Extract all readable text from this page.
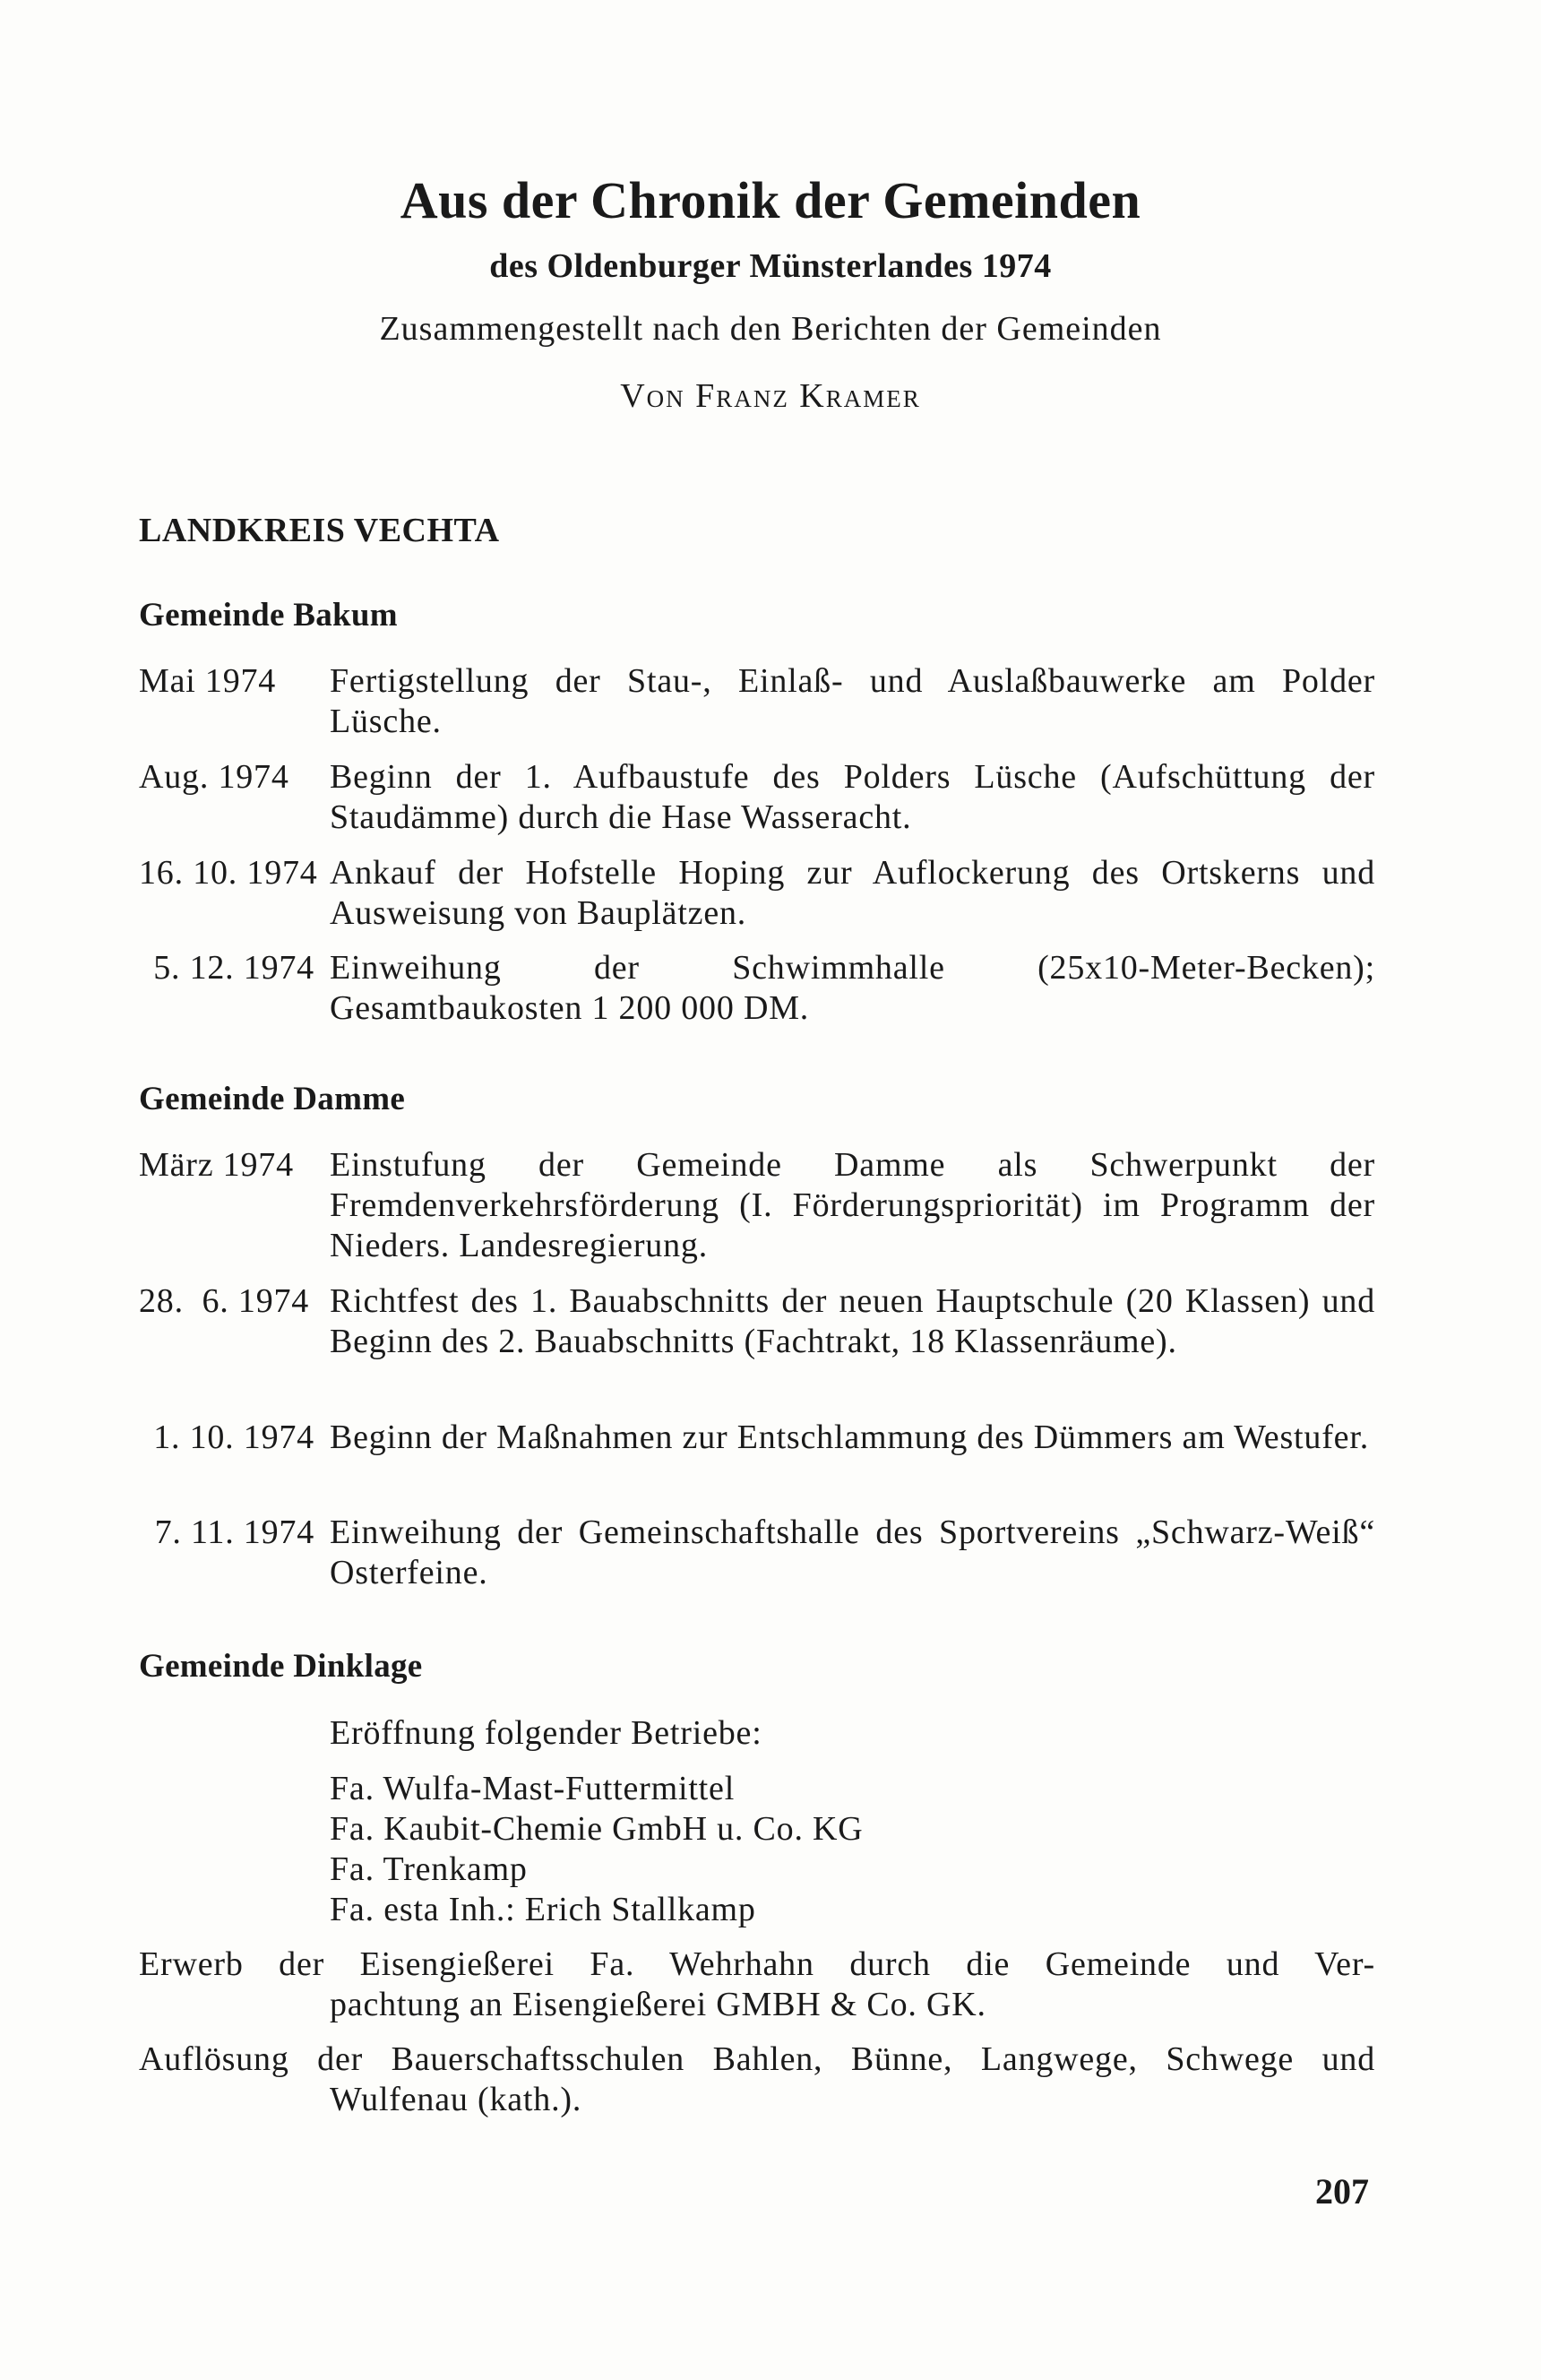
Aus der Chronik der Gemeinden
des Oldenburger Münsterlandes 1974
Zusammengestellt nach den Berichten der Gemeinden
Von Franz Kramer
LANDKREIS VECHTA
Gemeinde Bakum
Mai 1974	Fertigstellung der Stau-, Einlaß- und Auslaßbauwerke am Polder Lüsche.
Aug. 1974	Beginn der 1. Aufbaustufe des Polders Lüsche (Aufschüttung der Staudämme) durch die Hase Wasseracht.
16. 10. 1974 Ankauf der Hofstelle Hoping zur Auflockerung des Ortskerns und Ausweisung von Bauplätzen.
5. 12. 1974 Einweihung der Schwimmhalle (25x10-Meter-Becken); Gesamtbaukosten 1 200 000 DM.
Gemeinde Damme
März 1974	Einstufung der Gemeinde Damme als Schwerpunkt der Fremdenverkehrsförderung (I. Förderungspriorität) im Programm der Nieders. Landesregierung.
28.  6. 1974 Richtfest des 1. Bauabschnitts der neuen Hauptschule (20 Klassen) und Beginn des 2. Bauabschnitts (Fachtrakt, 18 Klassenräume).
1. 10. 1974 Beginn der Maßnahmen zur Entschlammung des Dümmers am Westufer.
7. 11. 1974 Einweihung der Gemeinschaftshalle des Sportvereins „Schwarz-Weiß“ Osterfeine.
Gemeinde Dinklage
Eröffnung folgender Betriebe:
Fa. Wulfa-Mast-Futtermittel
Fa. Kaubit-Chemie GmbH u. Co. KG
Fa. Trenkamp
Fa. esta Inh.: Erich Stallkamp
Erwerb der Eisengießerei Fa. Wehrhahn durch die Gemeinde und Ver-
pachtung an Eisengießerei GMBH & Co. GK.
Auflösung der Bauerschaftsschulen Bahlen, Bünne, Langwege, Schwege und
Wulfenau (kath.).
207
